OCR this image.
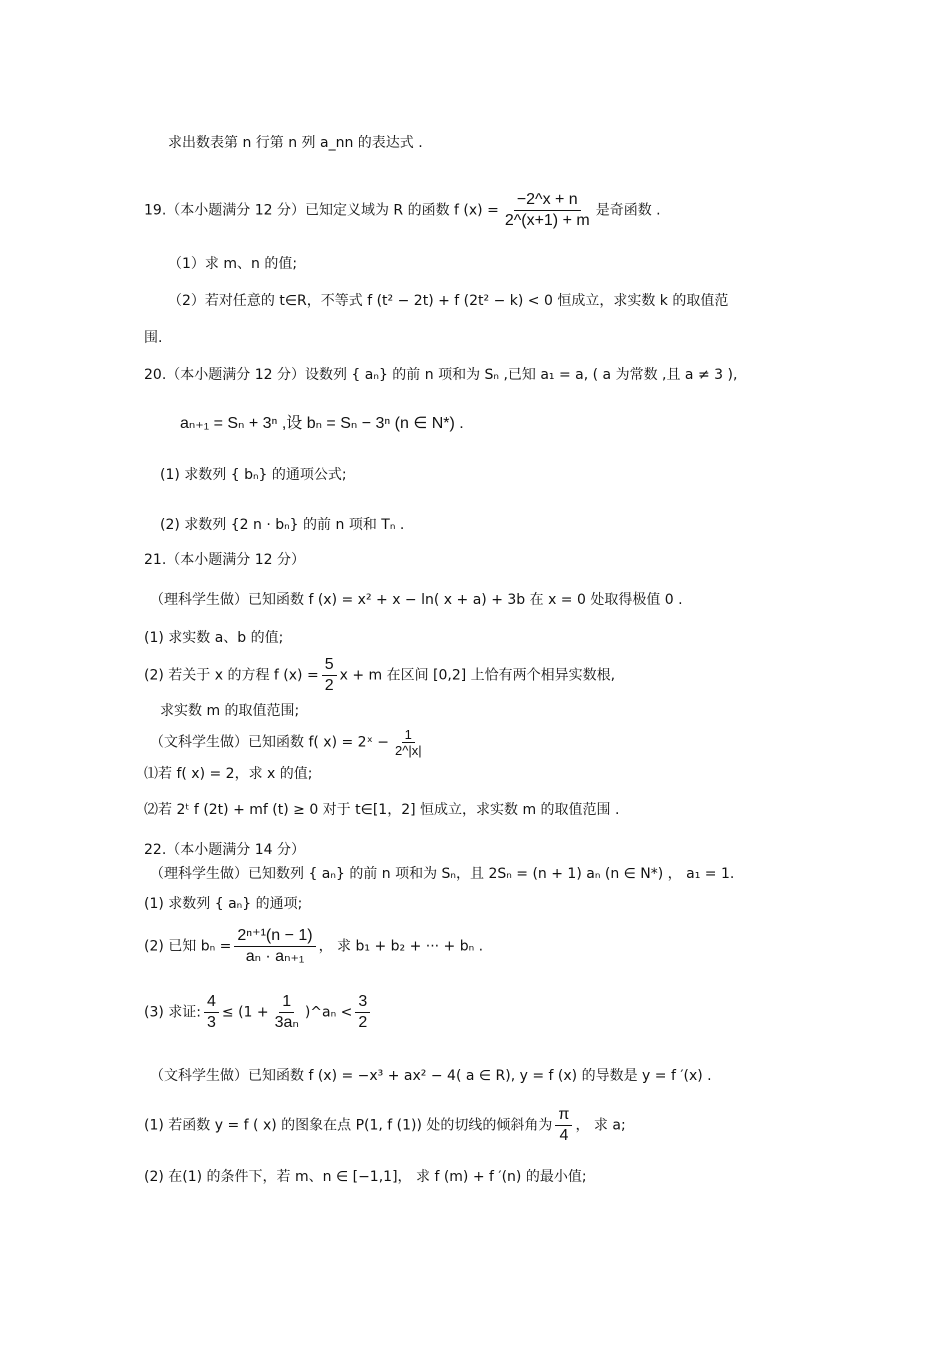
求出数表第 n 行第 n 列 a_nn 的表达式 .
19.（本小题满分 12 分）已知定义域为 R 的函数 f $(x) = \frac{-2\^{}x + n}{2\^{}(x+1) + m}$ 是奇函数 .
（1）求 m、n 的值;
（2）若对任意的 t∈R，不等式 f (t² − 2t) + f (2t² − k) < 0 恒成立，求实数 k 的取值范
围.
20.（本小题满分 12 分）设数列 { aₙ} 的前 n 项和为 Sₙ ,已知 a₁ = a, ( a 为常数 ,且 a ≠ 3 ),
aₙ₊₁ = Sₙ + 3ⁿ ,设 bₙ = Sₙ − 3ⁿ (n ∈ N*) .
(1) 求数列 { bₙ} 的通项公式;
(2) 求数列 {2 n · bₙ} 的前 n 项和 Tₙ .
21.（本小题满分 12 分）
（理科学生做）已知函数 f (x) = x² + x − ln( x + a) + 3b 在 x = 0 处取得极值 0 .
(1) 求实数 a、b 的值;
(2) 若关于 x 的方程 f $(x) = \frac{5}{2}$ x + m 在区间 [0,2] 上恰有两个相异实数根,
求实数 m 的取值范围;
（文科学生做）已知函数 f( x) = 2ˣ − $\frac{1}{2\^{}|x|}$
⑴若 f( x) = 2，求 x 的值;
⑵若 2ᵗ f (2t) + mf (t) ≥ 0 对于 t∈[1，2] 恒成立，求实数 m 的取值范围 .
22.（本小题满分 14 分）
（理科学生做）已知数列 { aₙ} 的前 n 项和为 Sₙ，且 2Sₙ = (n + 1) aₙ (n ∈ N*) ， a₁ = 1.
(1) 求数列 { aₙ} 的通项;
(2) 已知 $b_n = \frac{\text{2ⁿ⁺¹(n − 1)}}{\text{aₙ · aₙ₊₁}}$ ， 求 b₁ + b₂ + ··· + bₙ .
(3) 求证: $\frac{4}{3} \le (1 + \frac{1}{\text{3aₙ}}$ )^aₙ < $\frac{3}{2}$
（文科学生做）已知函数 f (x) = −x³ + ax² − 4( a ∈ R), y = f (x) 的导数是 y = f ′(x) .
(1) 若函数 y = f ( x) 的图象在点 P(1, f (1)) 处的切线的倾斜角为 $\frac{\pi}{4}$ ， 求 a;
(2) 在(1) 的条件下，若 m、n ∈ [−1,1]， 求 f (m) + f ′(n) 的最小值;
